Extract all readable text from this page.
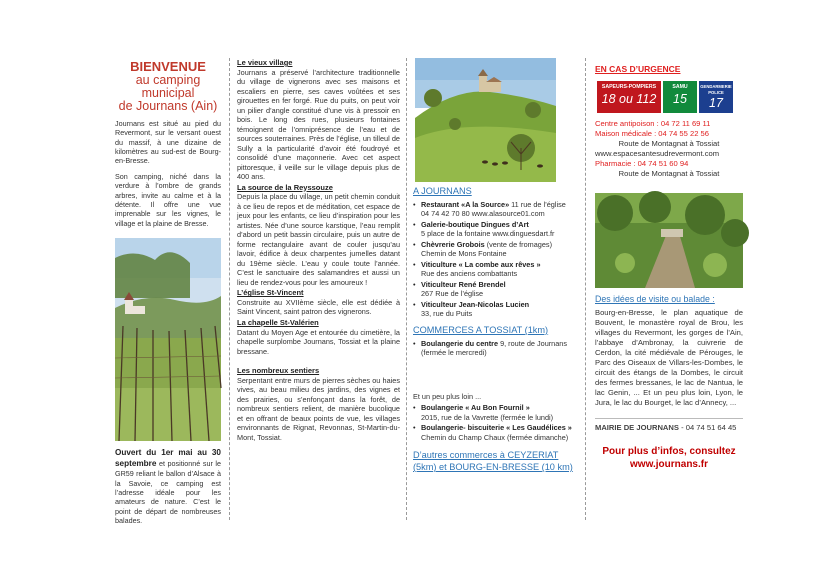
BIENVENUE
au camping municipal
de Journans (Ain)

Journans est situé au pied du Revermont, sur le versant ouest du massif, à une dizaine de kilomètres au sud-est de Bourg-en-Bresse.

Son camping, niché dans la verdure à l’ombre de grands arbres, invite au calme et à la détente. Il offre une vue imprenable sur les vignes, le village et la plaine de Bresse.

Ouvert du 1er mai au 30 septembre et positionné sur le GR59 reliant le ballon d’Alsace à la Savoie, ce camping est l’adresse idéale pour les amateurs de nature. C’est le point de départ de nombreuses balades.

Le vieux village
Journans a préservé l’architecture traditionnelle du village de vignerons avec ses maisons et escaliers en pierre, ses caves voûtées et ses girouettes en fer forgé. Rue du puits, on peut voir un pilier d’angle constitué d’une vis à pressoir en bois. Le long des rues, plusieurs fontaines témoignent de l’omniprésence de l’eau et de sources souterraines. Près de l’église, un tilleul de Sully a la particularité d’avoir été foudroyé et consolidé d’une maçonnerie. Avec cet aspect pittoresque, il veille sur le village depuis plus de 400 ans.
La source de la Reyssouze
Depuis la place du village, un petit chemin conduit à ce lieu de repos et de méditation, cet espace de jeux pour les enfants, ce lieu d’inspiration pour les artistes. Née d’une source karstique, l’eau remplit d’abord un petit bassin circulaire, puis un autre de forme rectangulaire avant de couler jusqu’au lavoir, édifice à deux charpentes jumelles datant du 19ème siècle. L’eau y coule toute l’année. C’est le sanctuaire des salamandres et aussi un lieu de rendez-vous pour les amoureux !
L’église St-Vincent
Construite au XVIIème siècle, elle est dédiée à Saint Vincent, saint patron des vignerons.
La chapelle St-Valérien
Datant du Moyen Age et entourée du cimetière, la chapelle surplombe Journans, Tossiat et la plaine bressane.
Les nombreux sentiers
Serpentant entre murs de pierres sèches ou haies vives, au beau milieu des jardins, des vignes et des prairies, ou s’enfonçant dans la forêt, de nombreux sentiers relient, de manière bucolique et en offrant de beaux points de vue, les villages environnants de Rignat, Revonnas, St-Martin-du-Mont, Tossiat.
A JOURNANS
• Restaurant «A la Source» 11 rue de l’église
04 74 42 70 80 www.alasource01.com
• Galerie-boutique Dingues d’Art
5 place de la fontaine www.dinguesdart.fr
• Chèvrerie Grobois (vente de fromages)
Chemin de Mons Fontaine
• Viticulture « La combe aux rêves »
Rue des anciens combattants
• Viticulteur René Brendel
267 Rue de l’église
• Viticulteur Jean-Nicolas Lucien
33, rue du Puits
COMMERCES A TOSSIAT (1km)
• Boulangerie du centre 9, route de Journans
(fermée le mercredi)
Et un peu plus loin ...
• Boulangerie « Au Bon Fournil »
2015, rue de la Vavrette (fermée le lundi)
• Boulangerie- biscuiterie « Les Gaudélices »
Chemin du Champ Chaux (fermée dimanche)
D’autres commerces à CEYZERIAT (5km) et BOURG-EN-BRESSE (10 km)
EN CAS D’URGENCE
SAPEURS-POMPIERS
18 ou 112
SAMU
15
GENDARMERIE POLICE
17
Centre antipoison : 04 72 11 69 11
Maison médicale : 04 74 55 22 56
Route de Montagnat à Tossiat
www.espacesantesudrevermont.com
Pharmacie : 04 74 51 60 94
Route de Montagnat à Tossiat
Des idées de visite ou balade :
Bourg-en-Bresse, le plan aquatique de Bouvent, le monastère royal de Brou, les villages du Revermont, les gorges de l’Ain, l’abbaye d’Ambronay, la cuivrerie de Cerdon, la cité médiévale de Pérouges, le Parc des Oiseaux de Villars-les-Dombes, le circuit des étangs de la Dombes, le circuit des fermes bressanes, le lac de Nantua, le lac Genin, ... Et un peu plus loin, Lyon, le Jura, le lac du Bourget, le lac d’Annecy, ...
MAIRIE DE JOURNANS - 04 74 51 64 45
Pour plus d’infos, consultez
www.journans.fr
